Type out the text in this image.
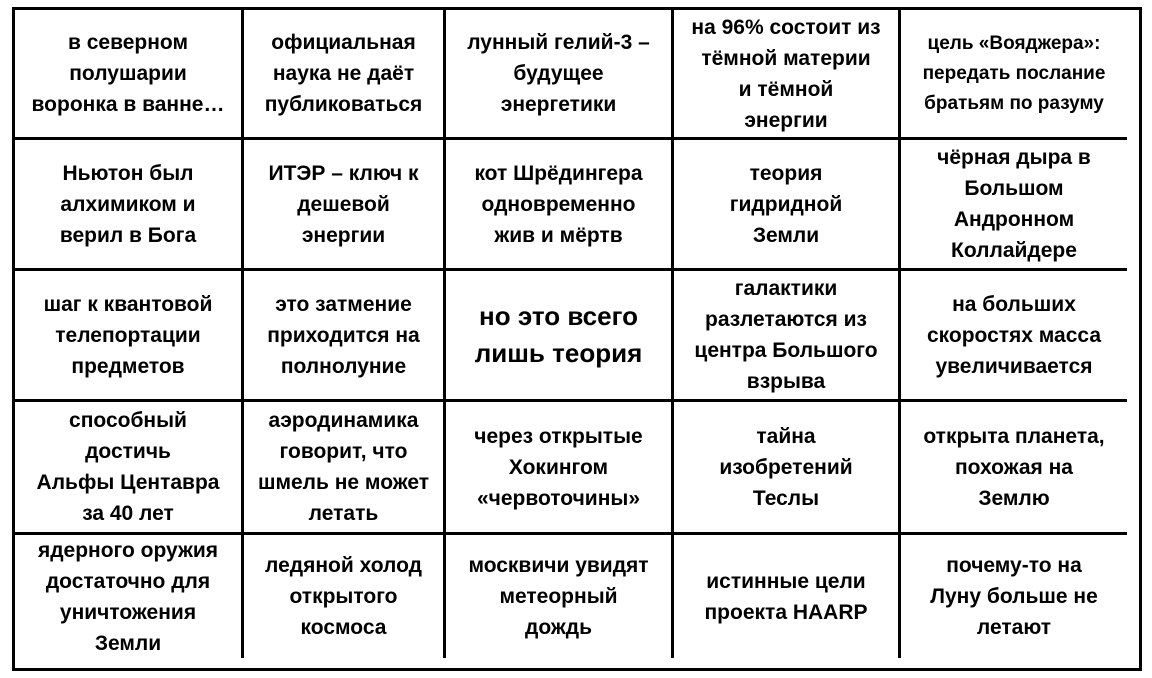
в северном
полушарии
воронка в ванне…
официальная
наука не даёт
публиковаться
лунный гелий-3 –
будущее
энергетики
на 96% состоит из
тёмной материи
и тёмной
энергии
цель «Вояджера»:
передать послание
братьям по разуму
Ньютон был
алхимиком и
верил в Бога
ИТЭР – ключ к
дешевой
энергии
кот Шрёдингера
одновременно
жив и мёртв
теория
гидридной
Земли
чёрная дыра в
Большом
Андронном
Коллайдере
шаг к квантовой
телепортации
предметов
это затмение
приходится на
полнолуние
но это всего
лишь теория
галактики
разлетаются из
центра Большого
взрыва
на больших
скоростях масса
увеличивается
способный
достичь
Альфы Центавра
за 40 лет
аэродинамика
говорит, что
шмель не может
летать
через открытые
Хокингом
«червоточины»
тайна
изобретений
Теслы
открыта планета,
похожая на
Землю
ядерного оружия
достаточно для
уничтожения
Земли
ледяной холод
открытого
космоса
москвичи увидят
метеорный
дождь
истинные цели
проекта HAARP
почему-то на
Луну больше не
летают
